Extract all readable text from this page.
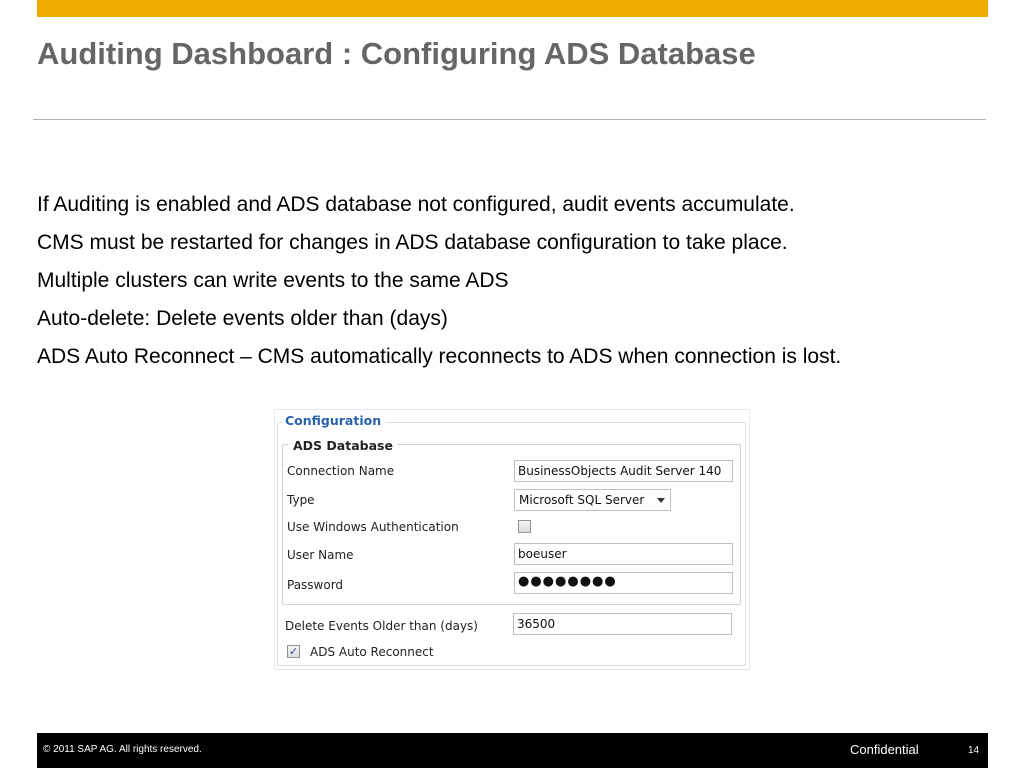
Auditing Dashboard : Configuring ADS Database
If Auditing is enabled and ADS database not configured, audit events accumulate.
CMS must be restarted for changes in ADS database configuration to take place.
Multiple clusters can write events to the same ADS
Auto-delete: Delete events older than (days)
ADS Auto Reconnect – CMS automatically reconnects to ADS when connection is lost.
Configuration
ADS Database
Connection Name	BusinessObjects Audit Server 140
Type	Microsoft SQL Server
Use Windows Authentication
User Name	boeuser
Password	●●●●●●●●
Delete Events Older than (days)	36500
✓ ADS Auto Reconnect
© 2011 SAP AG. All rights reserved.	Confidential	14
